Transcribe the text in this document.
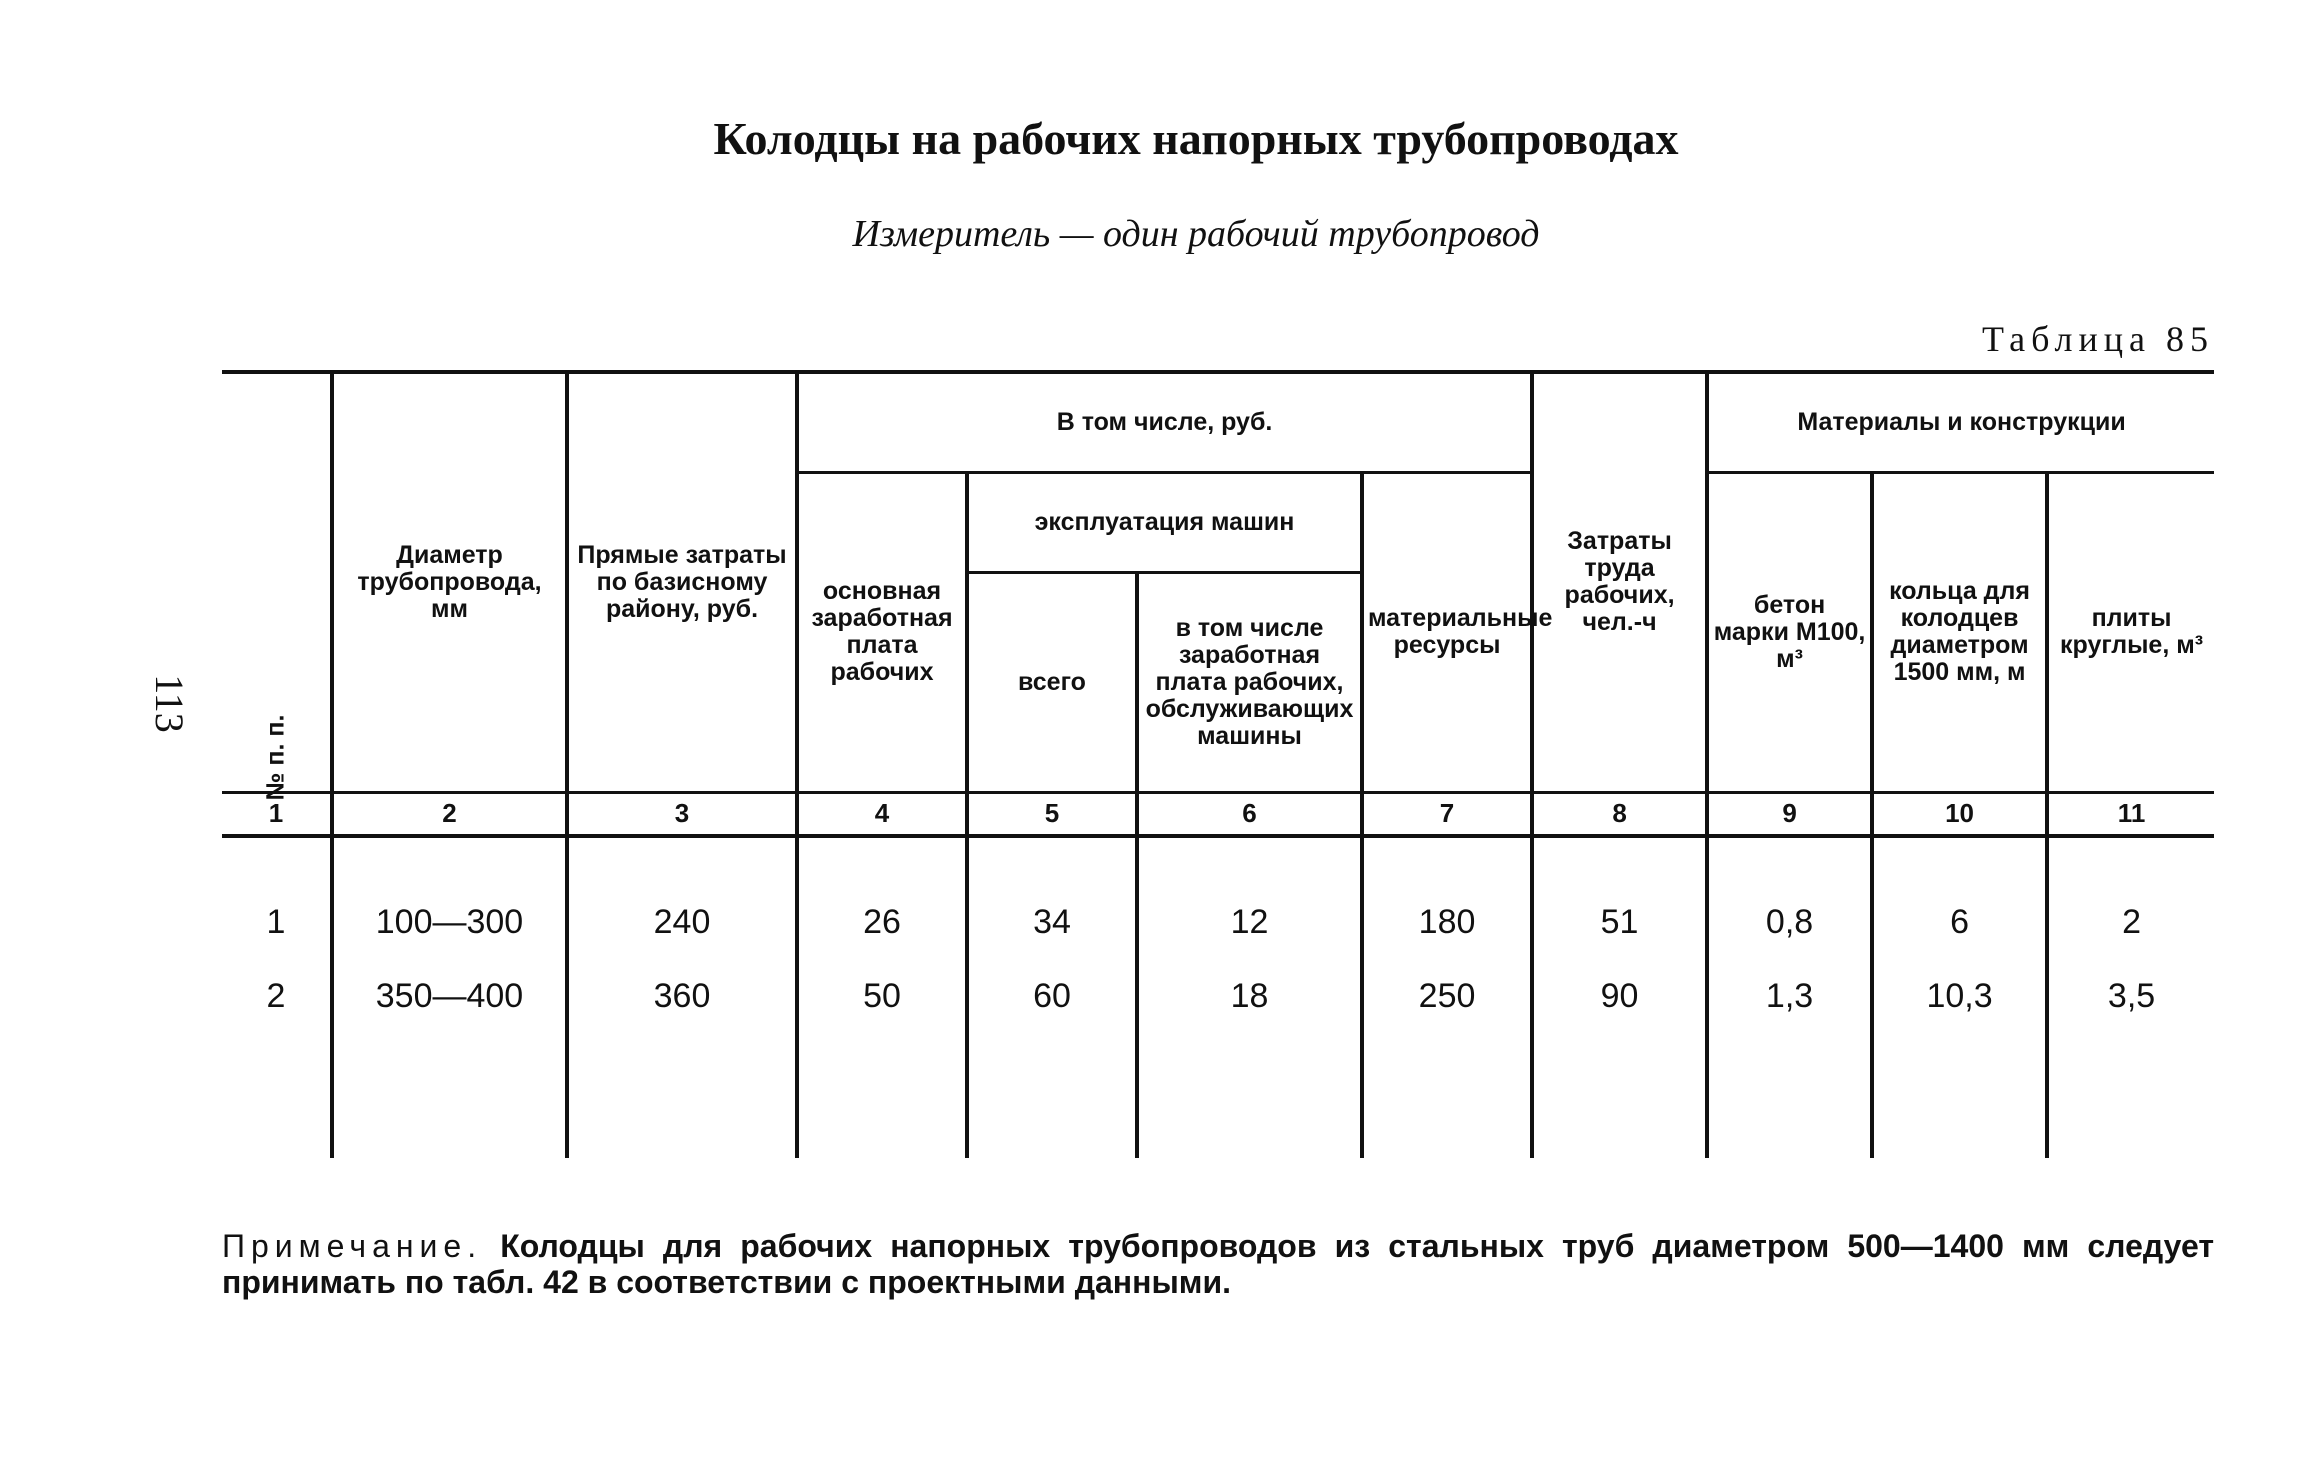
Колодцы на рабочих напорных трубопроводах
Измеритель — один рабочий трубопровод
Таблица 85
113
№ п. п.	Диаметр трубопровода, мм	Прямые затраты по базисному району, руб.	В том числе, руб.				Затраты труда рабочих, чел.-ч	Материалы и конструкции		
			основная заработная плата рабочих	эксплуатация машин		материальные ресурсы		бетон марки М100, м³	кольца для колодцев диаметром 1500 мм, м	плиты круглые, м³
				всего	в том числе заработная плата рабочих, обслуживающих машины					
1	2	3	4	5	6	7	8	9	10	11
1	100—300	240	26	34	12	180	51	0,8	6	2
2	350—400	360	50	60	18	250	90	1,3	10,3	3,5

Примечание. Колодцы для рабочих напорных трубопроводов из стальных труб диаметром 500—1400 мм следует принимать по табл. 42 в соответствии с проектными данными.
